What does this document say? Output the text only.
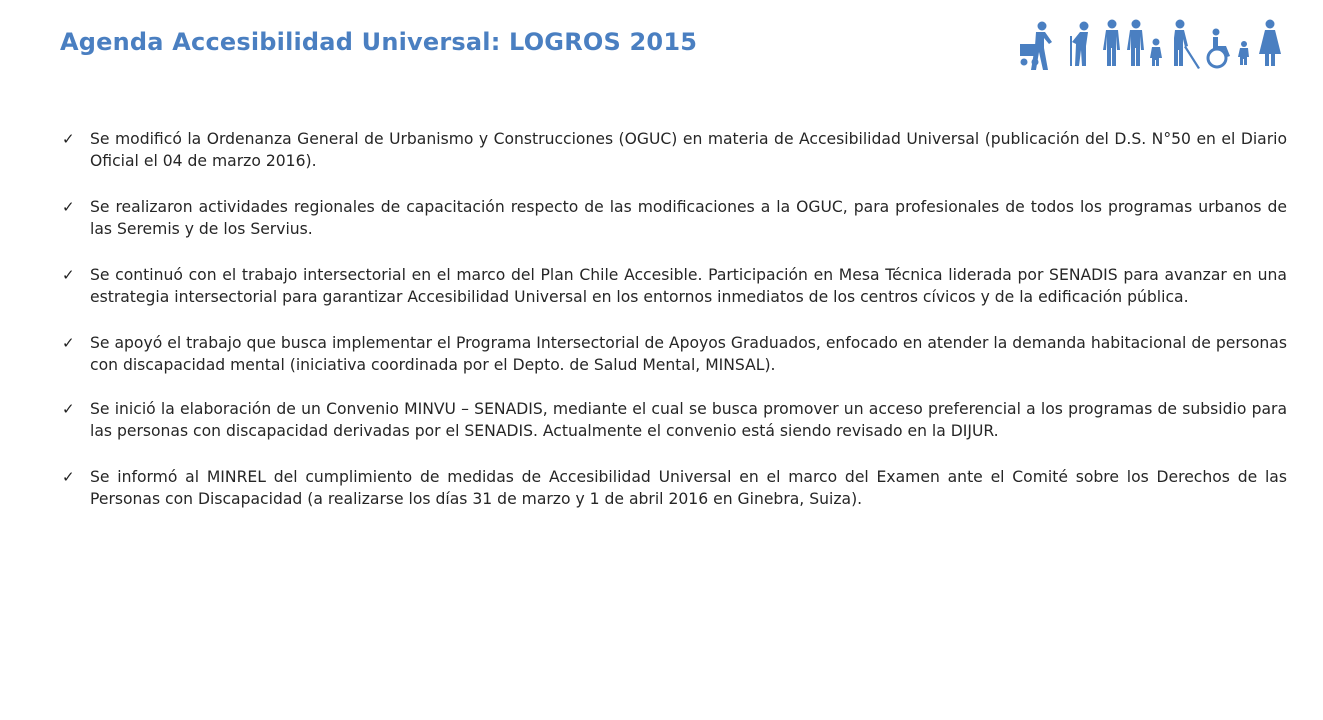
Agenda Accesibilidad Universal: LOGROS 2015
✓ Se modificó la Ordenanza General de Urbanismo y Construcciones (OGUC) en materia de Accesibilidad Universal (publicación del D.S. N°50 en el Diario Oficial el 04 de marzo 2016).
✓ Se realizaron actividades regionales de capacitación respecto de las modificaciones a la OGUC, para profesionales de todos los programas urbanos de las Seremis y de los Servius.
✓ Se continuó con el trabajo intersectorial en el marco del Plan Chile Accesible. Participación en Mesa Técnica liderada por SENADIS para avanzar en una estrategia intersectorial para garantizar Accesibilidad Universal en los entornos inmediatos de los centros cívicos y de la edificación pública.
✓ Se apoyó el trabajo que busca implementar el Programa Intersectorial de Apoyos Graduados, enfocado en atender la demanda habitacional de personas con discapacidad mental (iniciativa coordinada por el Depto. de Salud Mental, MINSAL).
✓ Se inició la elaboración de un Convenio MINVU – SENADIS, mediante el cual se busca promover un acceso preferencial a los programas de subsidio para las personas con discapacidad derivadas por el SENADIS. Actualmente el convenio está siendo revisado en la DIJUR.
✓ Se informó al MINREL del cumplimiento de medidas de Accesibilidad Universal en el marco del Examen ante el Comité sobre los Derechos de las Personas con Discapacidad (a realizarse los días 31 de marzo y 1 de abril 2016 en Ginebra, Suiza).
